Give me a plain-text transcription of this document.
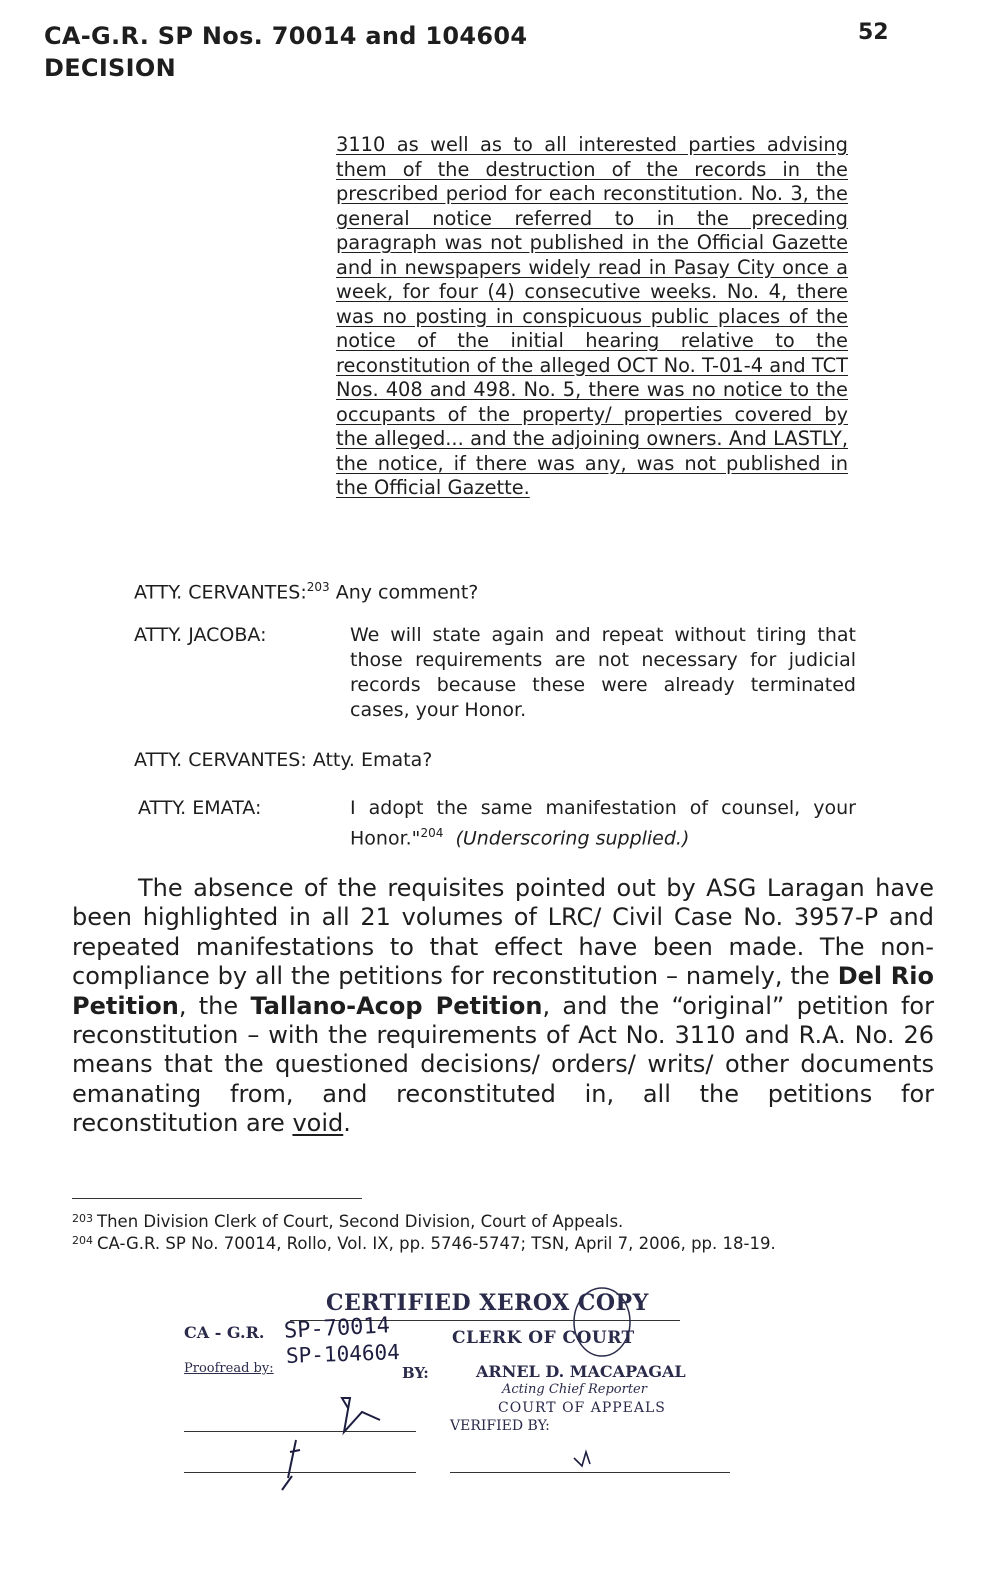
CA-G.R. SP Nos. 70014 and 104604
DECISION
52
3110 as well as to all interested parties advising them of the destruction of the records in the prescribed period for each reconstitution. No. 3, the general notice referred to in the preceding paragraph was not published in the Official Gazette and in newspapers widely read in Pasay City once a week, for four (4) consecutive weeks. No. 4, there was no posting in conspicuous public places of the notice of the initial hearing relative to the reconstitution of the alleged OCT No. T-01-4 and TCT Nos. 408 and 498. No. 5, there was no notice to the occupants of the property/ properties covered by the alleged... and the adjoining owners. And LASTLY, the notice, if there was any, was not published in the Official Gazette.
ATTY. CERVANTES:$^{203}$ Any comment?
ATTY. JACOBA:	We will state again and repeat without tiring that those requirements are not necessary for judicial records because these were already terminated cases, your Honor.
ATTY. CERVANTES: Atty. Emata?
ATTY. EMATA:	I adopt the same manifestation of counsel, your Honor."$^{204}$ (Underscoring supplied.)
The absence of the requisites pointed out by ASG Laragan have been highlighted in all 21 volumes of LRC/ Civil Case No. 3957-P and repeated manifestations to that effect have been made. The non-compliance by all the petitions for reconstitution – namely, the Del Rio Petition, the Tallano-Acop Petition, and the “original” petition for reconstitution – with the requirements of Act No. 3110 and R.A. No. 26 means that the questioned decisions/ orders/ writs/ other documents emanating from, and reconstituted in, all the petitions for reconstitution are void.
$^{203}$ Then Division Clerk of Court, Second Division, Court of Appeals.
$^{204}$ CA-G.R. SP No. 70014, Rollo, Vol. IX, pp. 5746-5747; TSN, April 7, 2006, pp. 18-19.
CERTIFIED XEROX COPY
CA - G.R. SP-70014
SP-104604
CLERK OF COURT
Proofread by:	BY:	ARNEL D. MACAPAGAL
Acting Chief Reporter
COURT OF APPEALS
VERIFIED BY:
